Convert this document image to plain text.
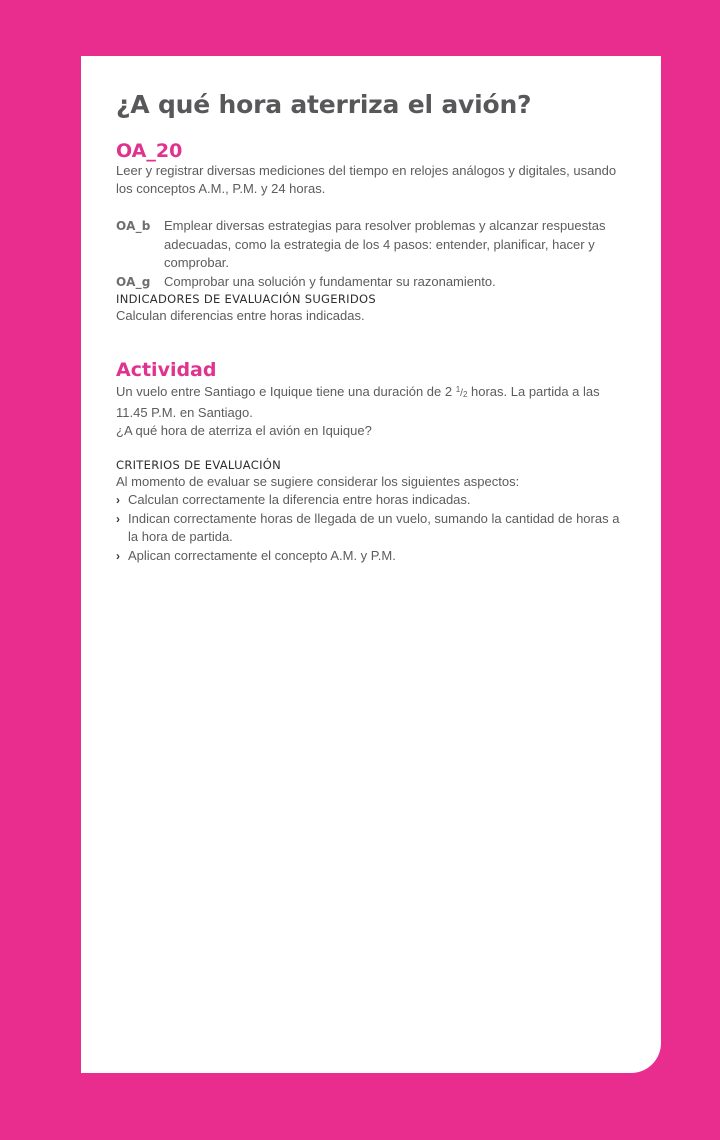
¿A qué hora aterriza el avión?
OA_20

Leer y registrar diversas mediciones del tiempo en relojes análogos y digitales, usando los conceptos A.M., P.M. y 24 horas.

OA_b	Emplear diversas estrategias para resolver problemas y alcanzar respuestas adecuadas, como la estrategia de los 4 pasos: entender, planificar, hacer y comprobar.
OA_g	Comprobar una solución y fundamentar su razonamiento.
INDICADORES DE EVALUACIÓN SUGERIDOS

Calculan diferencias entre horas indicadas.

Actividad

Un vuelo entre Santiago e Iquique tiene una duración de 2 $^1/_2$ horas. La partida a las 11.45 P.M. en Santiago.

¿A qué hora de aterriza el avión en Iquique?

CRITERIOS DE EVALUACIÓN

Al momento de evaluar se sugiere considerar los siguientes aspectos:

› Calculan correctamente la diferencia entre horas indicadas.
› Indican correctamente horas de llegada de un vuelo, sumando la cantidad de horas a la hora de partida.
› Aplican correctamente el concepto A.M. y P.M.
